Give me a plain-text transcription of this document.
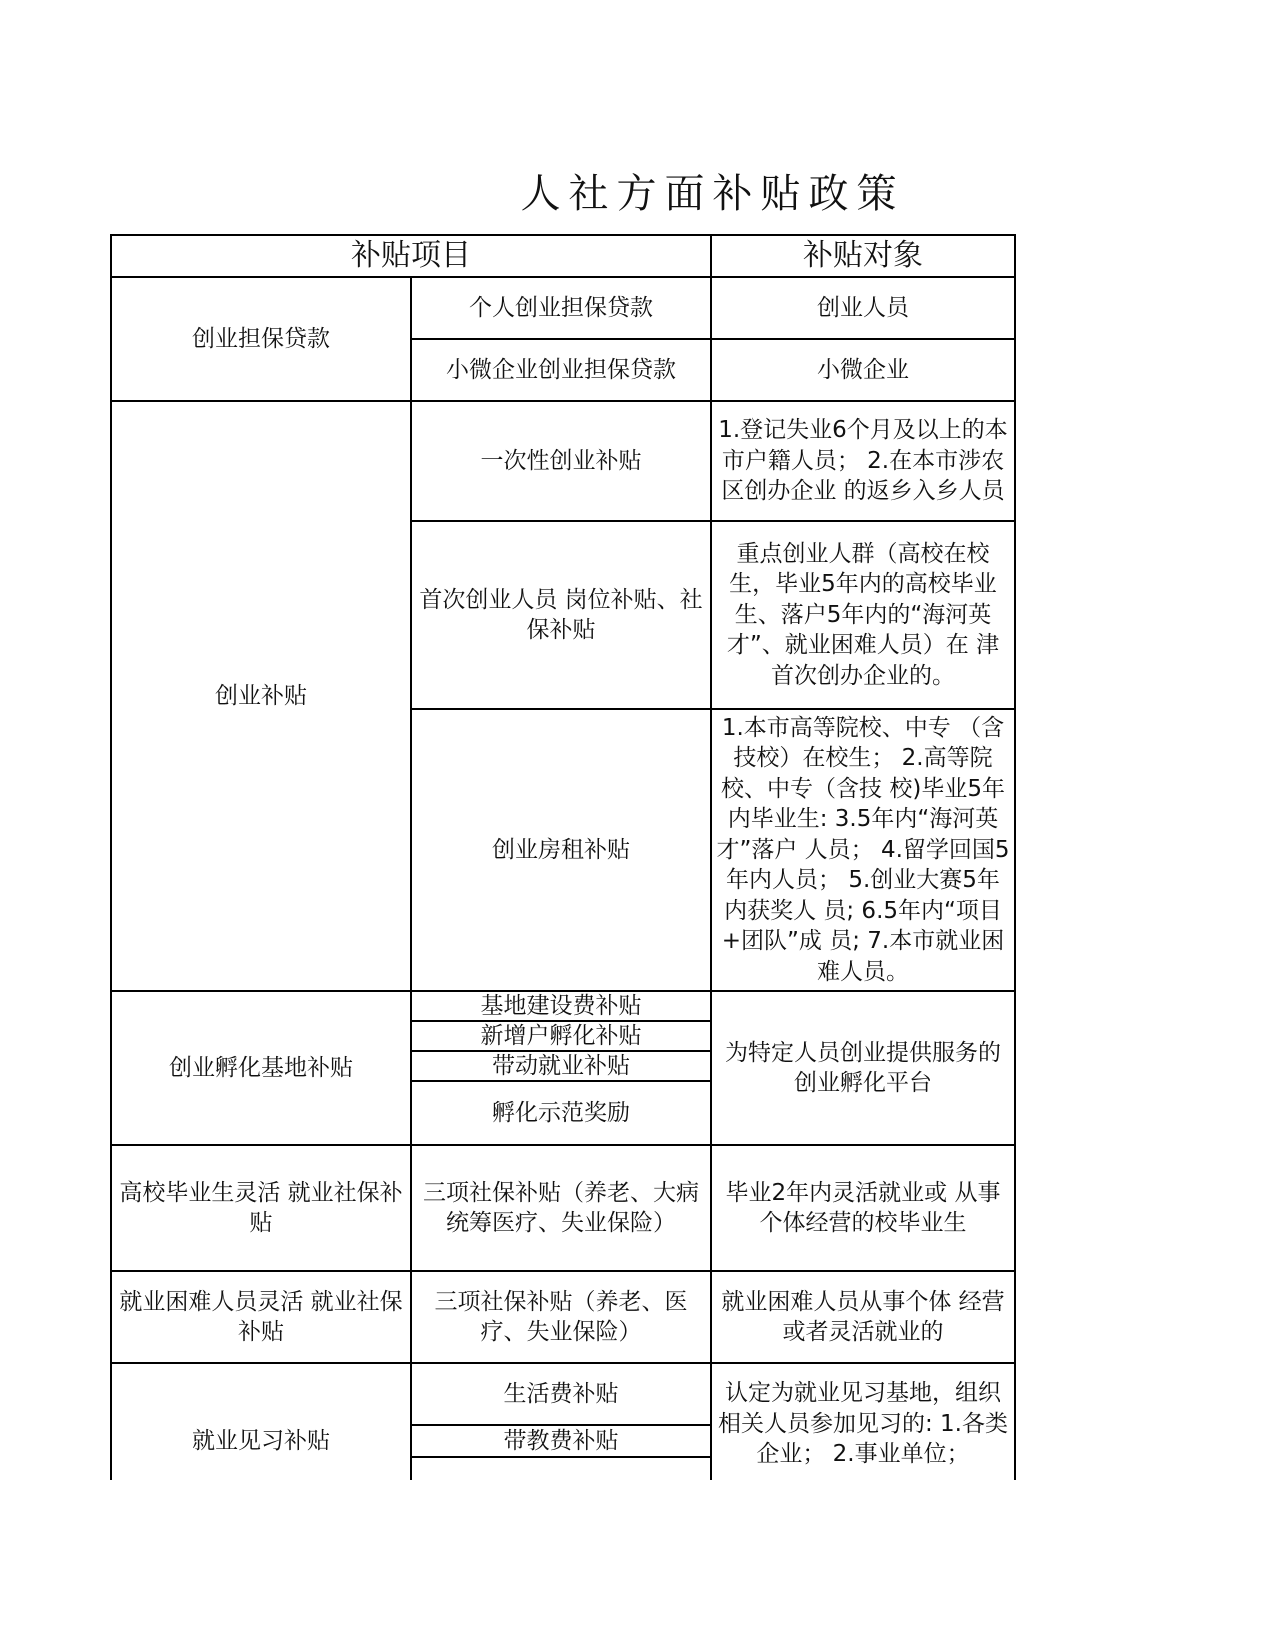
人社方面补贴政策
补贴项目		补贴对象
创业担保贷款	个人创业担保贷款	创业人员
	小微企业创业担保贷款	小微企业
创业补贴	一次性创业补贴	1.登记失业6个月及以上的本市户籍人员； 2.在本市涉农区创办企业 的返乡入乡人员
	首次创业人员 岗位补贴、社保补贴	重点创业人群（高校在校生，毕业5年内的高校毕业生、落户5年内的“海河英才”、就业困难人员）在 津首次创办企业的。
	创业房租补贴	1.本市高等院校、中专 （含技校）在校生； 2.高等院校、中专（含技 校)毕业5年内毕业生: 3.5年内“海河英才”落户 人员； 4.留学回国5年内人员； 5.创业大赛5年内获奖人 员; 6.5年内“项目+团队”成 员; 7.本市就业困难人员。
创业孵化基地补贴	基地建设费补贴	为特定人员创业提供服务的创业孵化平台
	新增户孵化补贴	
	带动就业补贴	
	孵化示范奖励	
高校毕业生灵活 就业社保补贴	三项社保补贴（养老、大病统筹医疗、失业保险）	毕业2年内灵活就业或 从事个体经营的校毕业生
就业困难人员灵活 就业社保补贴	三项社保补贴（养老、医疗、失业保险）	就业困难人员从事个体 经营或者灵活就业的
就业见习补贴	生活费补贴	认定为就业见习基地，组织相关人员参加见习的: 1.各类企业； 2.事业单位；
	带教费补贴	
